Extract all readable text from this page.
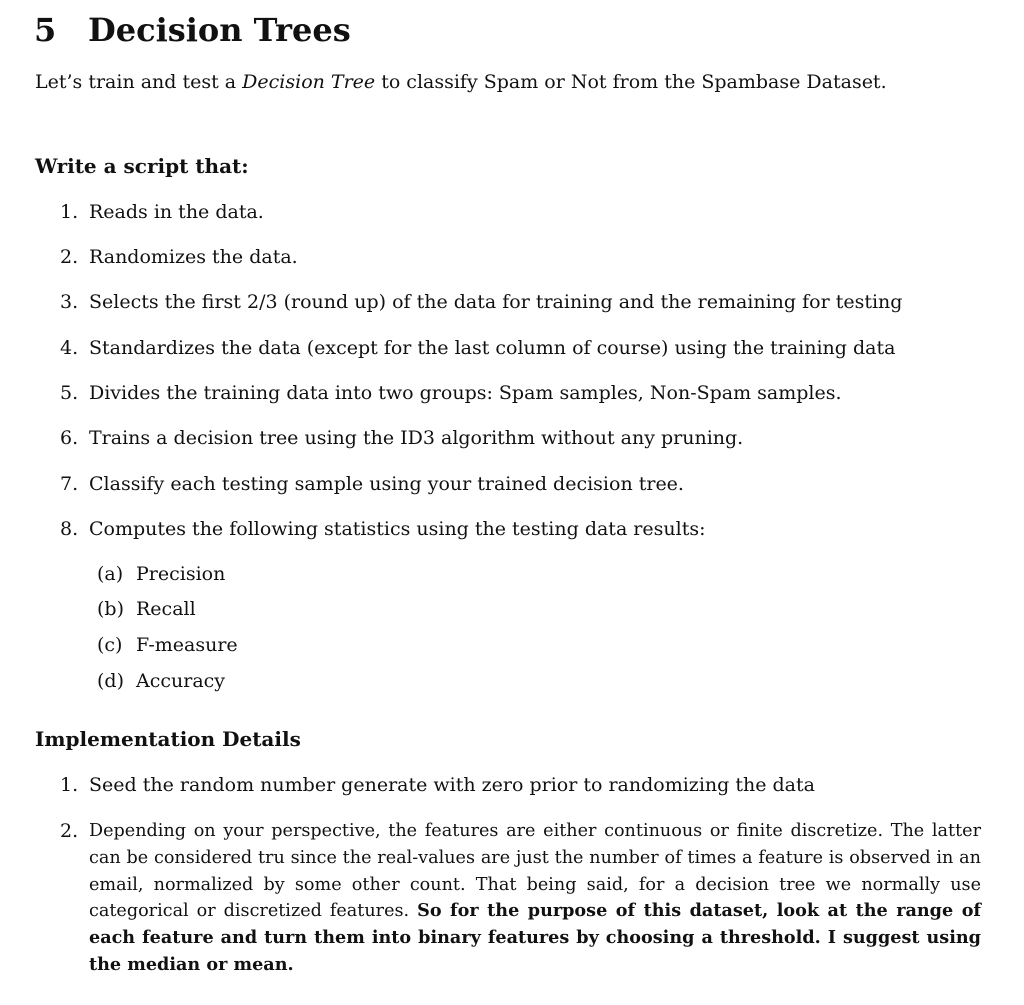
5 Decision Trees

Let’s train and test a Decision Tree to classify Spam or Not from the Spambase Dataset.

Write a script that:
1. Reads in the data.
2. Randomizes the data.
3. Selects the first 2/3 (round up) of the data for training and the remaining for testing
4. Standardizes the data (except for the last column of course) using the training data
5. Divides the training data into two groups: Spam samples, Non-Spam samples.
6. Trains a decision tree using the ID3 algorithm without any pruning.
7. Classify each testing sample using your trained decision tree.
8. Computes the following statistics using the testing data results:
(a) Precision
(b) Recall
(c) F-measure
(d) Accuracy
Implementation Details
1. Seed the random number generate with zero prior to randomizing the data
2. Depending on your perspective, the features are either continuous or finite discretize. The latter can be considered tru since the real-values are just the number of times a feature is observed in an email, normalized by some other count. That being said, for a decision tree we normally use categorical or discretized features. So for the purpose of this dataset, look at the range of each feature and turn them into binary features by choosing a threshold. I suggest using the median or mean.
